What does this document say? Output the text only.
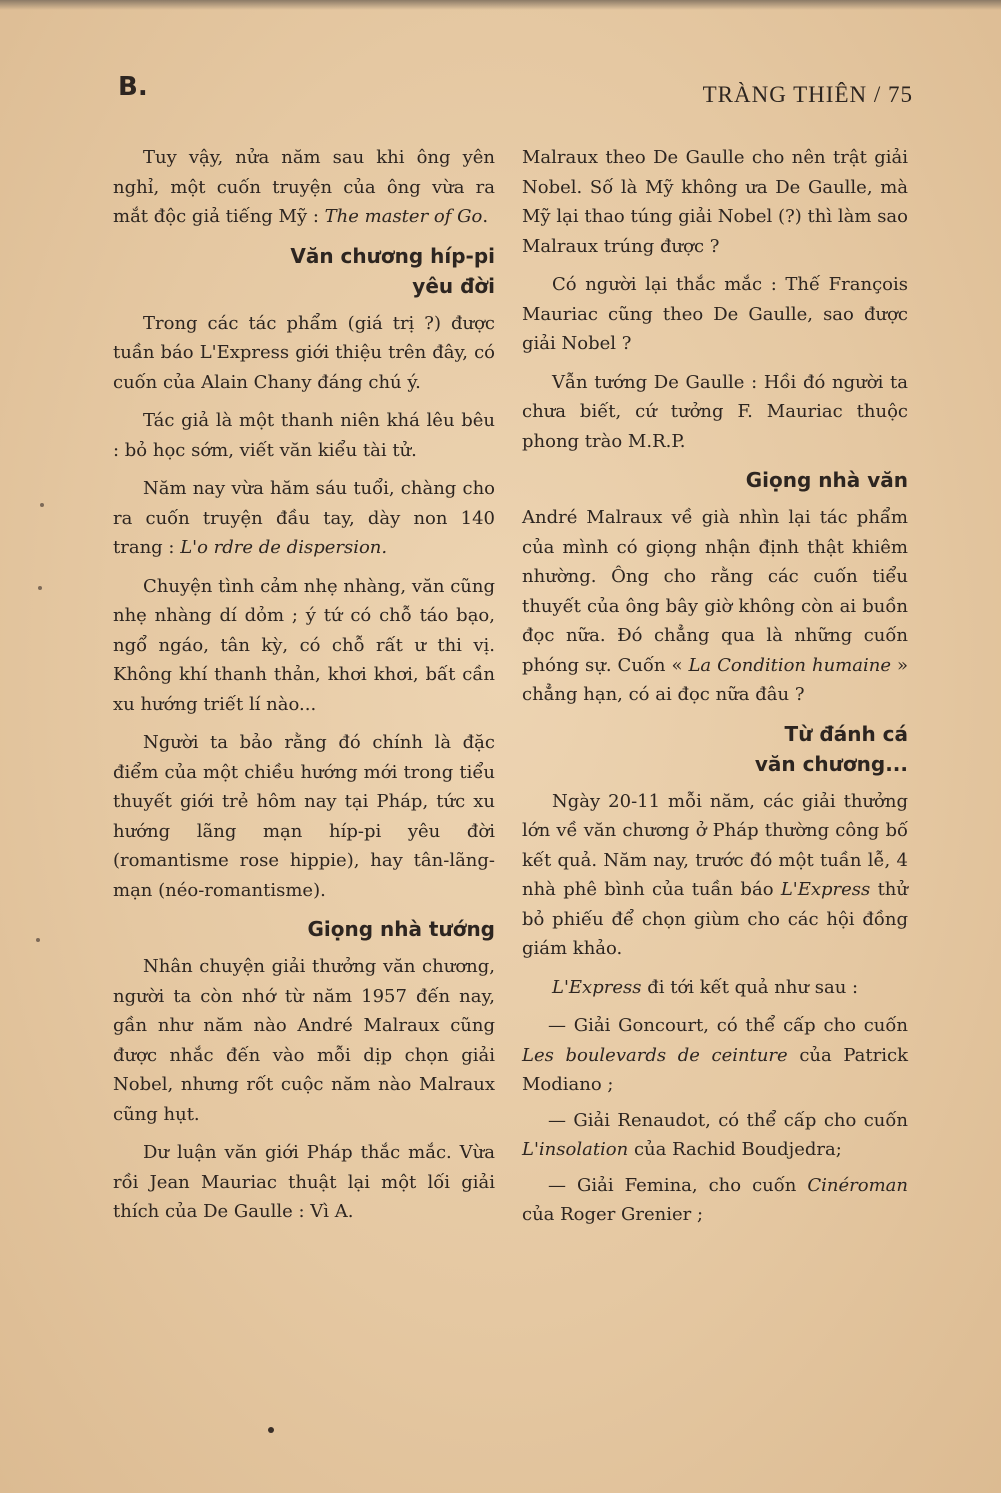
B.	TRÀNG THIÊN / 75

Tuy vậy, nửa năm sau khi ông yên nghỉ, một cuốn truyện của ông vừa ra mắt độc giả tiếng Mỹ : The master of Go.

Văn chương híp-pi
yêu đời

Trong các tác phẩm (giá trị ?) được tuần báo L'Express giới thiệu trên đây, có cuốn của Alain Chany đáng chú ý.

Tác giả là một thanh niên khá lêu bêu : bỏ học sớm, viết văn kiểu tài tử.

Năm nay vừa hăm sáu tuổi, chàng cho ra cuốn truyện đầu tay, dày non 140 trang : L'o rdre de dispersion.

Chuyện tình cảm nhẹ nhàng, văn cũng nhẹ nhàng dí dỏm ; ý tứ có chỗ táo bạo, ngổ ngáo, tân kỳ, có chỗ rất ư thi vị. Không khí thanh thản, khơi khơi, bất cần xu hướng triết lí nào...

Người ta bảo rằng đó chính là đặc điểm của một chiều hướng mới trong tiểu thuyết giới trẻ hôm nay tại Pháp, tức xu hướng lãng mạn híp-pi yêu đời (romantisme rose hippie), hay tân-lãng-mạn (néo-romantisme).

Giọng nhà tướng

Nhân chuyện giải thưởng văn chương, người ta còn nhớ từ năm 1957 đến nay, gần như năm nào André Malraux cũng được nhắc đến vào mỗi dịp chọn giải Nobel, nhưng rốt cuộc năm nào Malraux cũng hụt.

Dư luận văn giới Pháp thắc mắc. Vừa rồi Jean Mauriac thuật lại một lối giải thích của De Gaulle : Vì A.

Malraux theo De Gaulle cho nên trật giải Nobel. Số là Mỹ không ưa De Gaulle, mà Mỹ lại thao túng giải Nobel (?) thì làm sao Malraux trúng được ?

Có người lại thắc mắc : Thế François Mauriac cũng theo De Gaulle, sao được giải Nobel ?

Vẫn tướng De Gaulle : Hồi đó người ta chưa biết, cứ tưởng F. Mauriac thuộc phong trào M.R.P.

Giọng nhà văn

André Malraux về già nhìn lại tác phẩm của mình có giọng nhận định thật khiêm nhường. Ông cho rằng các cuốn tiểu thuyết của ông bây giờ không còn ai buồn đọc nữa. Đó chẳng qua là những cuốn phóng sự. Cuốn « La Condition humaine » chẳng hạn, có ai đọc nữa đâu ?

Từ đánh cá
văn chương...

Ngày 20-11 mỗi năm, các giải thưởng lớn về văn chương ở Pháp thường công bố kết quả. Năm nay, trước đó một tuần lễ, 4 nhà phê bình của tuần báo L'Express thử bỏ phiếu để chọn giùm cho các hội đồng giám khảo.

L'Express đi tới kết quả như sau :

— Giải Goncourt, có thể cấp cho cuốn Les boulevards de ceinture của Patrick Modiano ;

— Giải Renaudot, có thể cấp cho cuốn L'insolation của Rachid Boudjedra;

— Giải Femina, cho cuốn Cinéroman của Roger Grenier ;
